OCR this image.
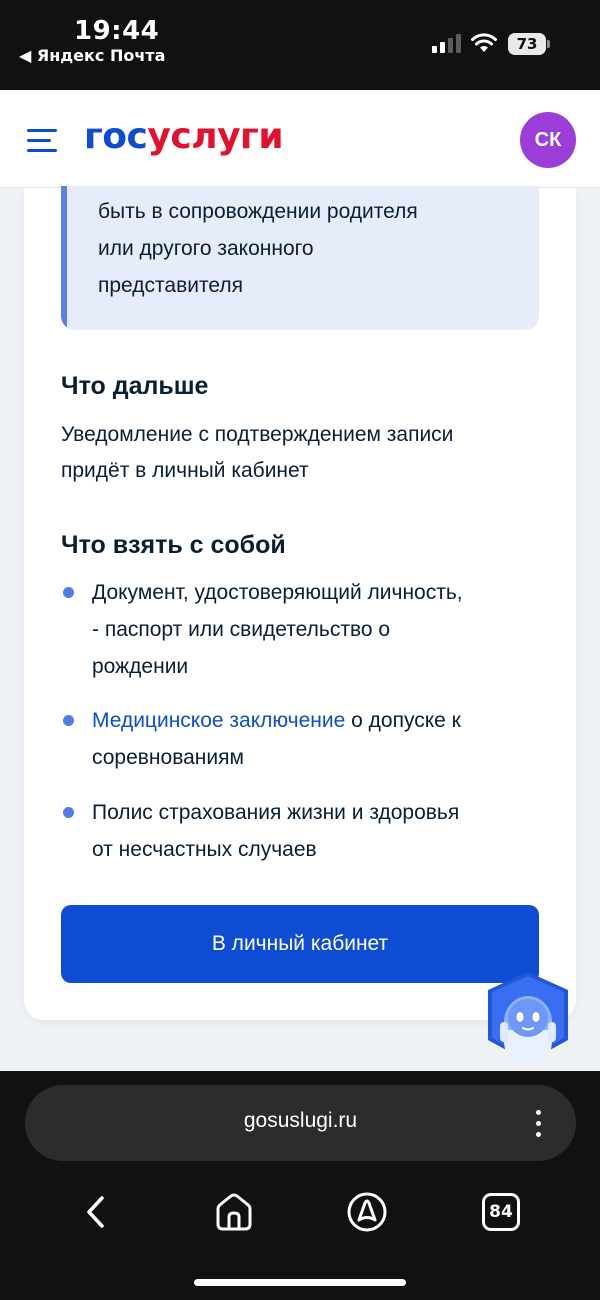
19:44
◀ Яндекс Почта
73
госуслуги	СК

быть в сопровождении родителя

или другого законного

представителя

Что дальше
Уведомление с подтверждением записи
придёт в личный кабинет
Что взять с собой
Документ, удостоверяющий личность,
- паспорт или свидетельство о
рождении
Медицинское заключение о допуске к
соревнованиям
Полис страхования жизни и здоровья
от несчастных случаев
В личный кабинет
gosuslugi.ru
84
